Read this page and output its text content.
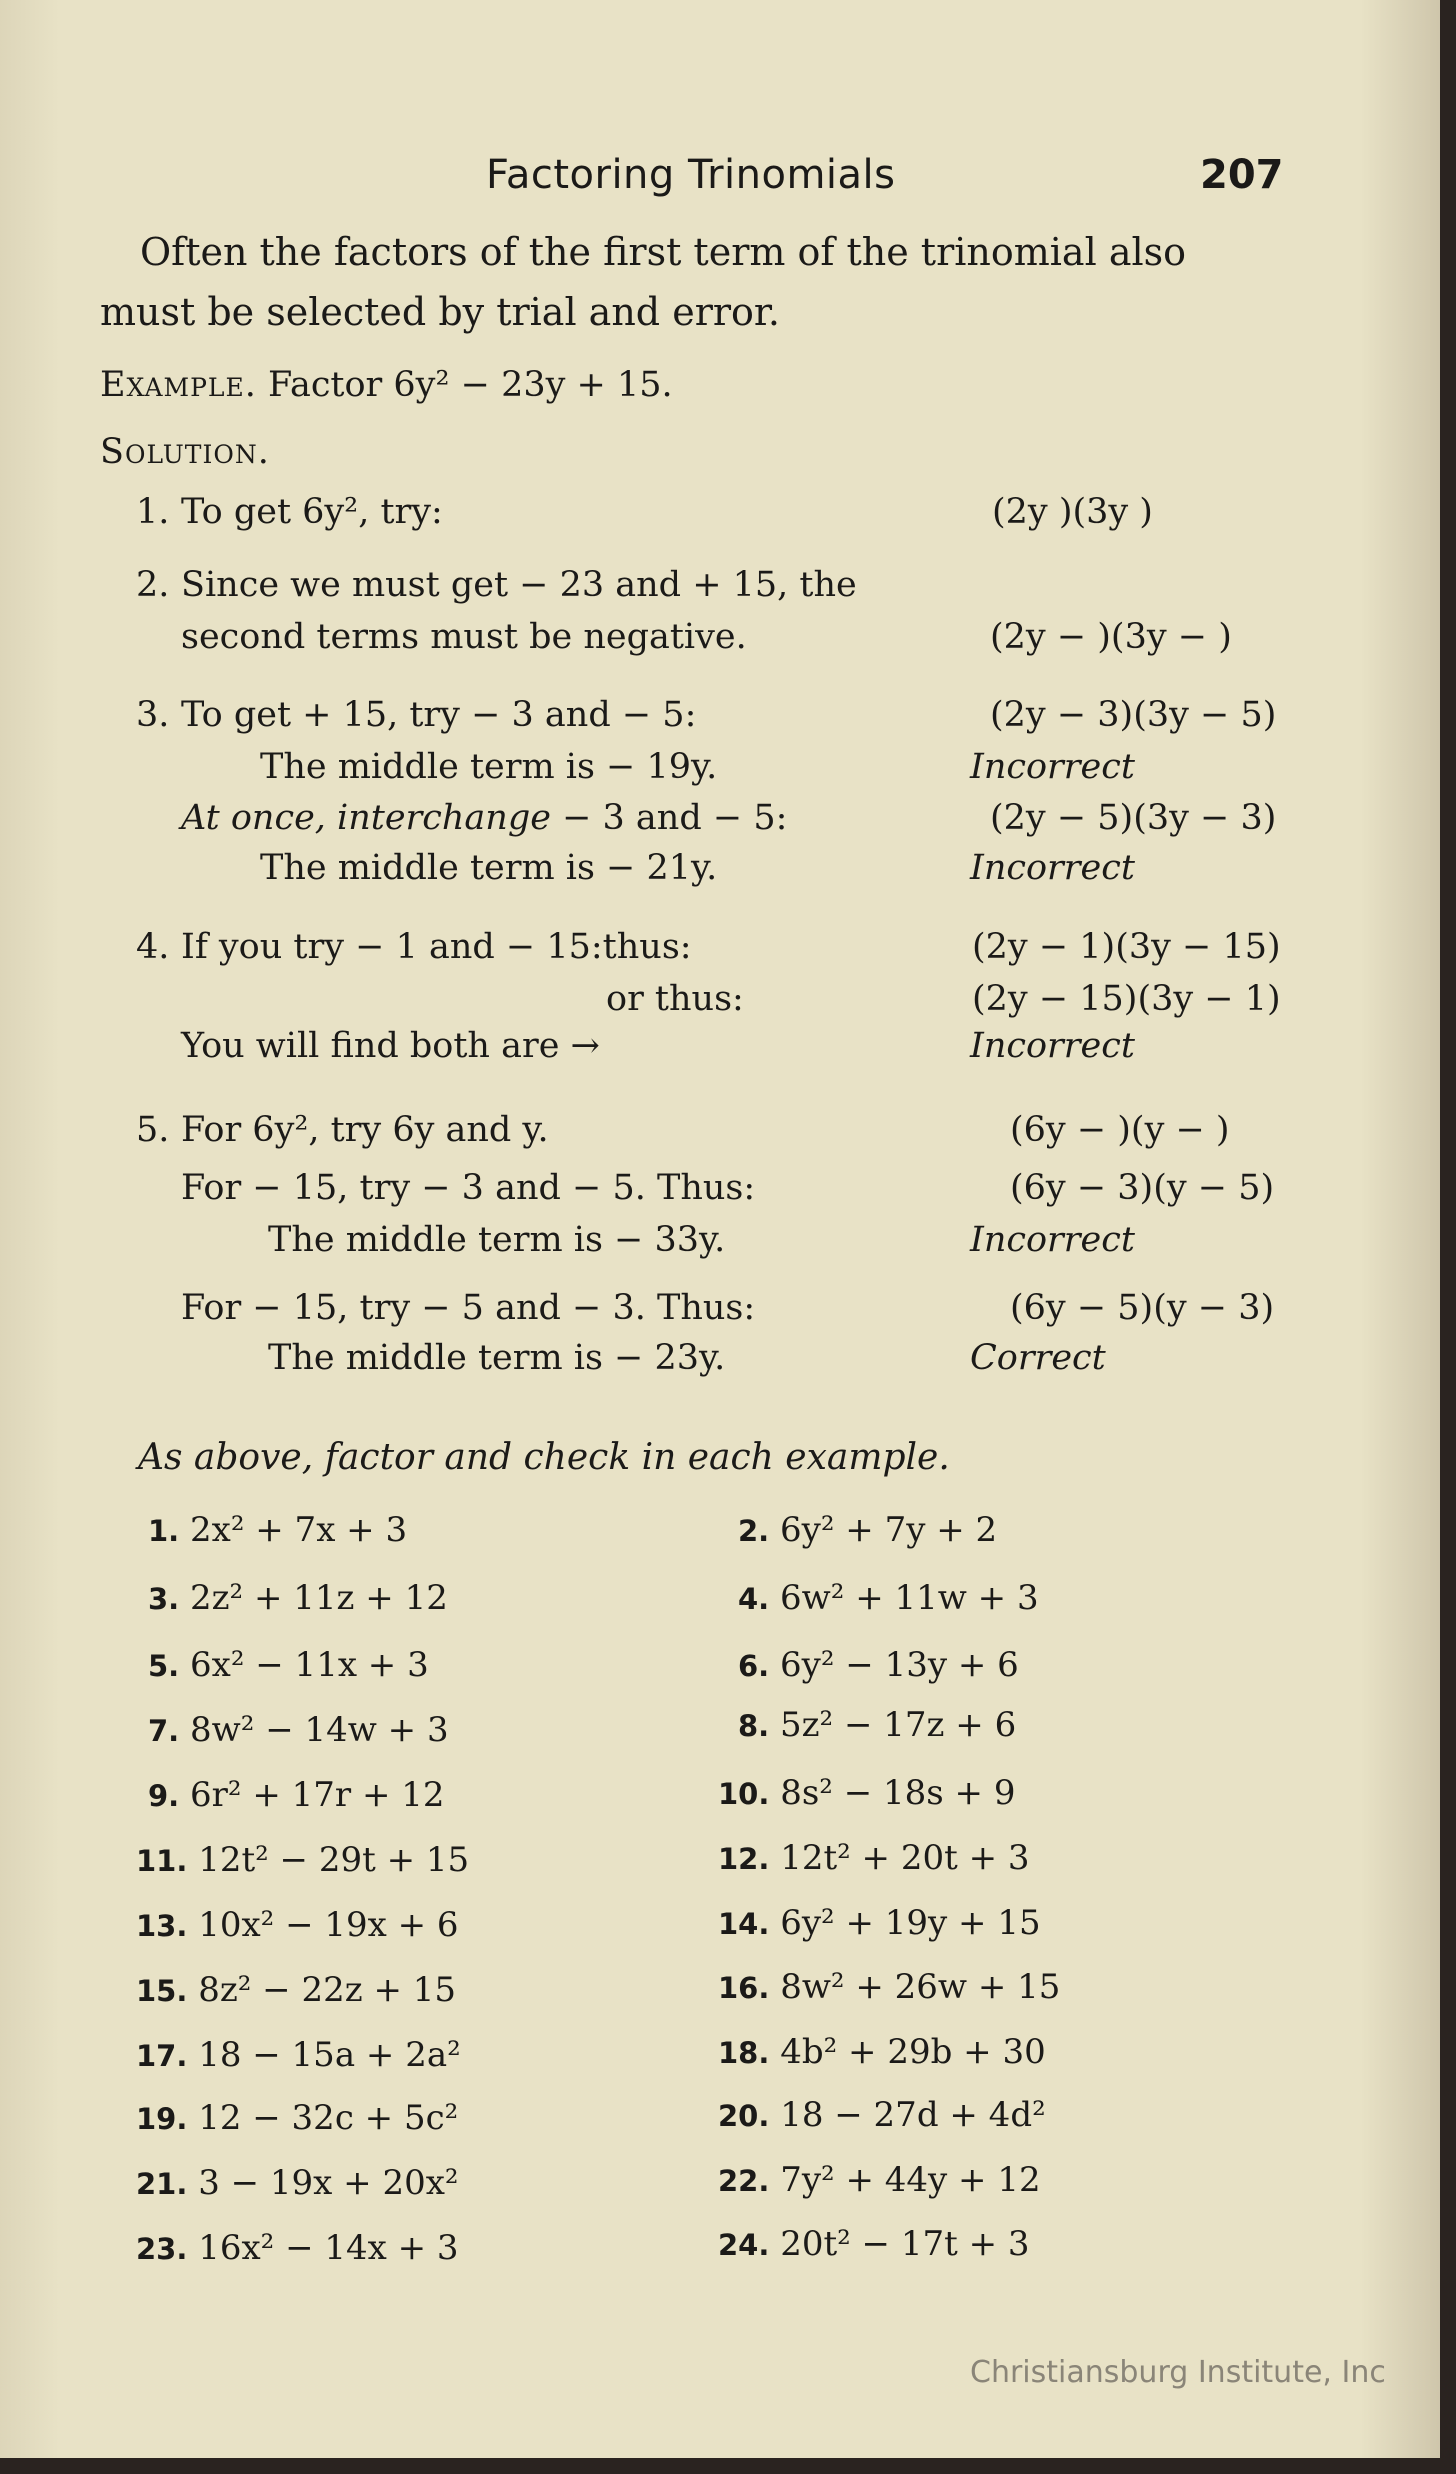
Factoring Trinomials	207
Often the factors of the first term of the trinomial also
must be selected by trial and error.
Example. Factor 6y² − 23y + 15.
Solution.
1. To get 6y², try:	(2y )(3y )
2. Since we must get − 23 and + 15, the
second terms must be negative.	(2y − )(3y − )
3. To get + 15, try − 3 and − 5:	(2y − 3)(3y − 5)
The middle term is − 19y.	Incorrect
At once, interchange − 3 and − 5:	(2y − 5)(3y − 3)
The middle term is − 21y.	Incorrect
4. If you try − 1 and − 15:thus:	(2y − 1)(3y − 15)
or thus:	(2y − 15)(3y − 1)
You will find both are →	Incorrect
5. For 6y², try 6y and y.	(6y − )(y − )
For − 15, try − 3 and − 5. Thus:	(6y − 3)(y − 5)
The middle term is − 33y.	Incorrect
For − 15, try − 5 and − 3. Thus:	(6y − 5)(y − 3)
The middle term is − 23y.	Correct
As above, factor and check in each example.
1. 2x² + 7x + 3	2. 6y² + 7y + 2
3. 2z² + 11z + 12	4. 6w² + 11w + 3
5. 6x² − 11x + 3	6. 6y² − 13y + 6
7. 8w² − 14w + 3	8. 5z² − 17z + 6
9. 6r² + 17r + 12	10. 8s² − 18s + 9
11. 12t² − 29t + 15	12. 12t² + 20t + 3
13. 10x² − 19x + 6	14. 6y² + 19y + 15
15. 8z² − 22z + 15	16. 8w² + 26w + 15
17. 18 − 15a + 2a²	18. 4b² + 29b + 30
19. 12 − 32c + 5c²	20. 18 − 27d + 4d²
21. 3 − 19x + 20x²	22. 7y² + 44y + 12
23. 16x² − 14x + 3	24. 20t² − 17t + 3
Christiansburg Institute, Inc
